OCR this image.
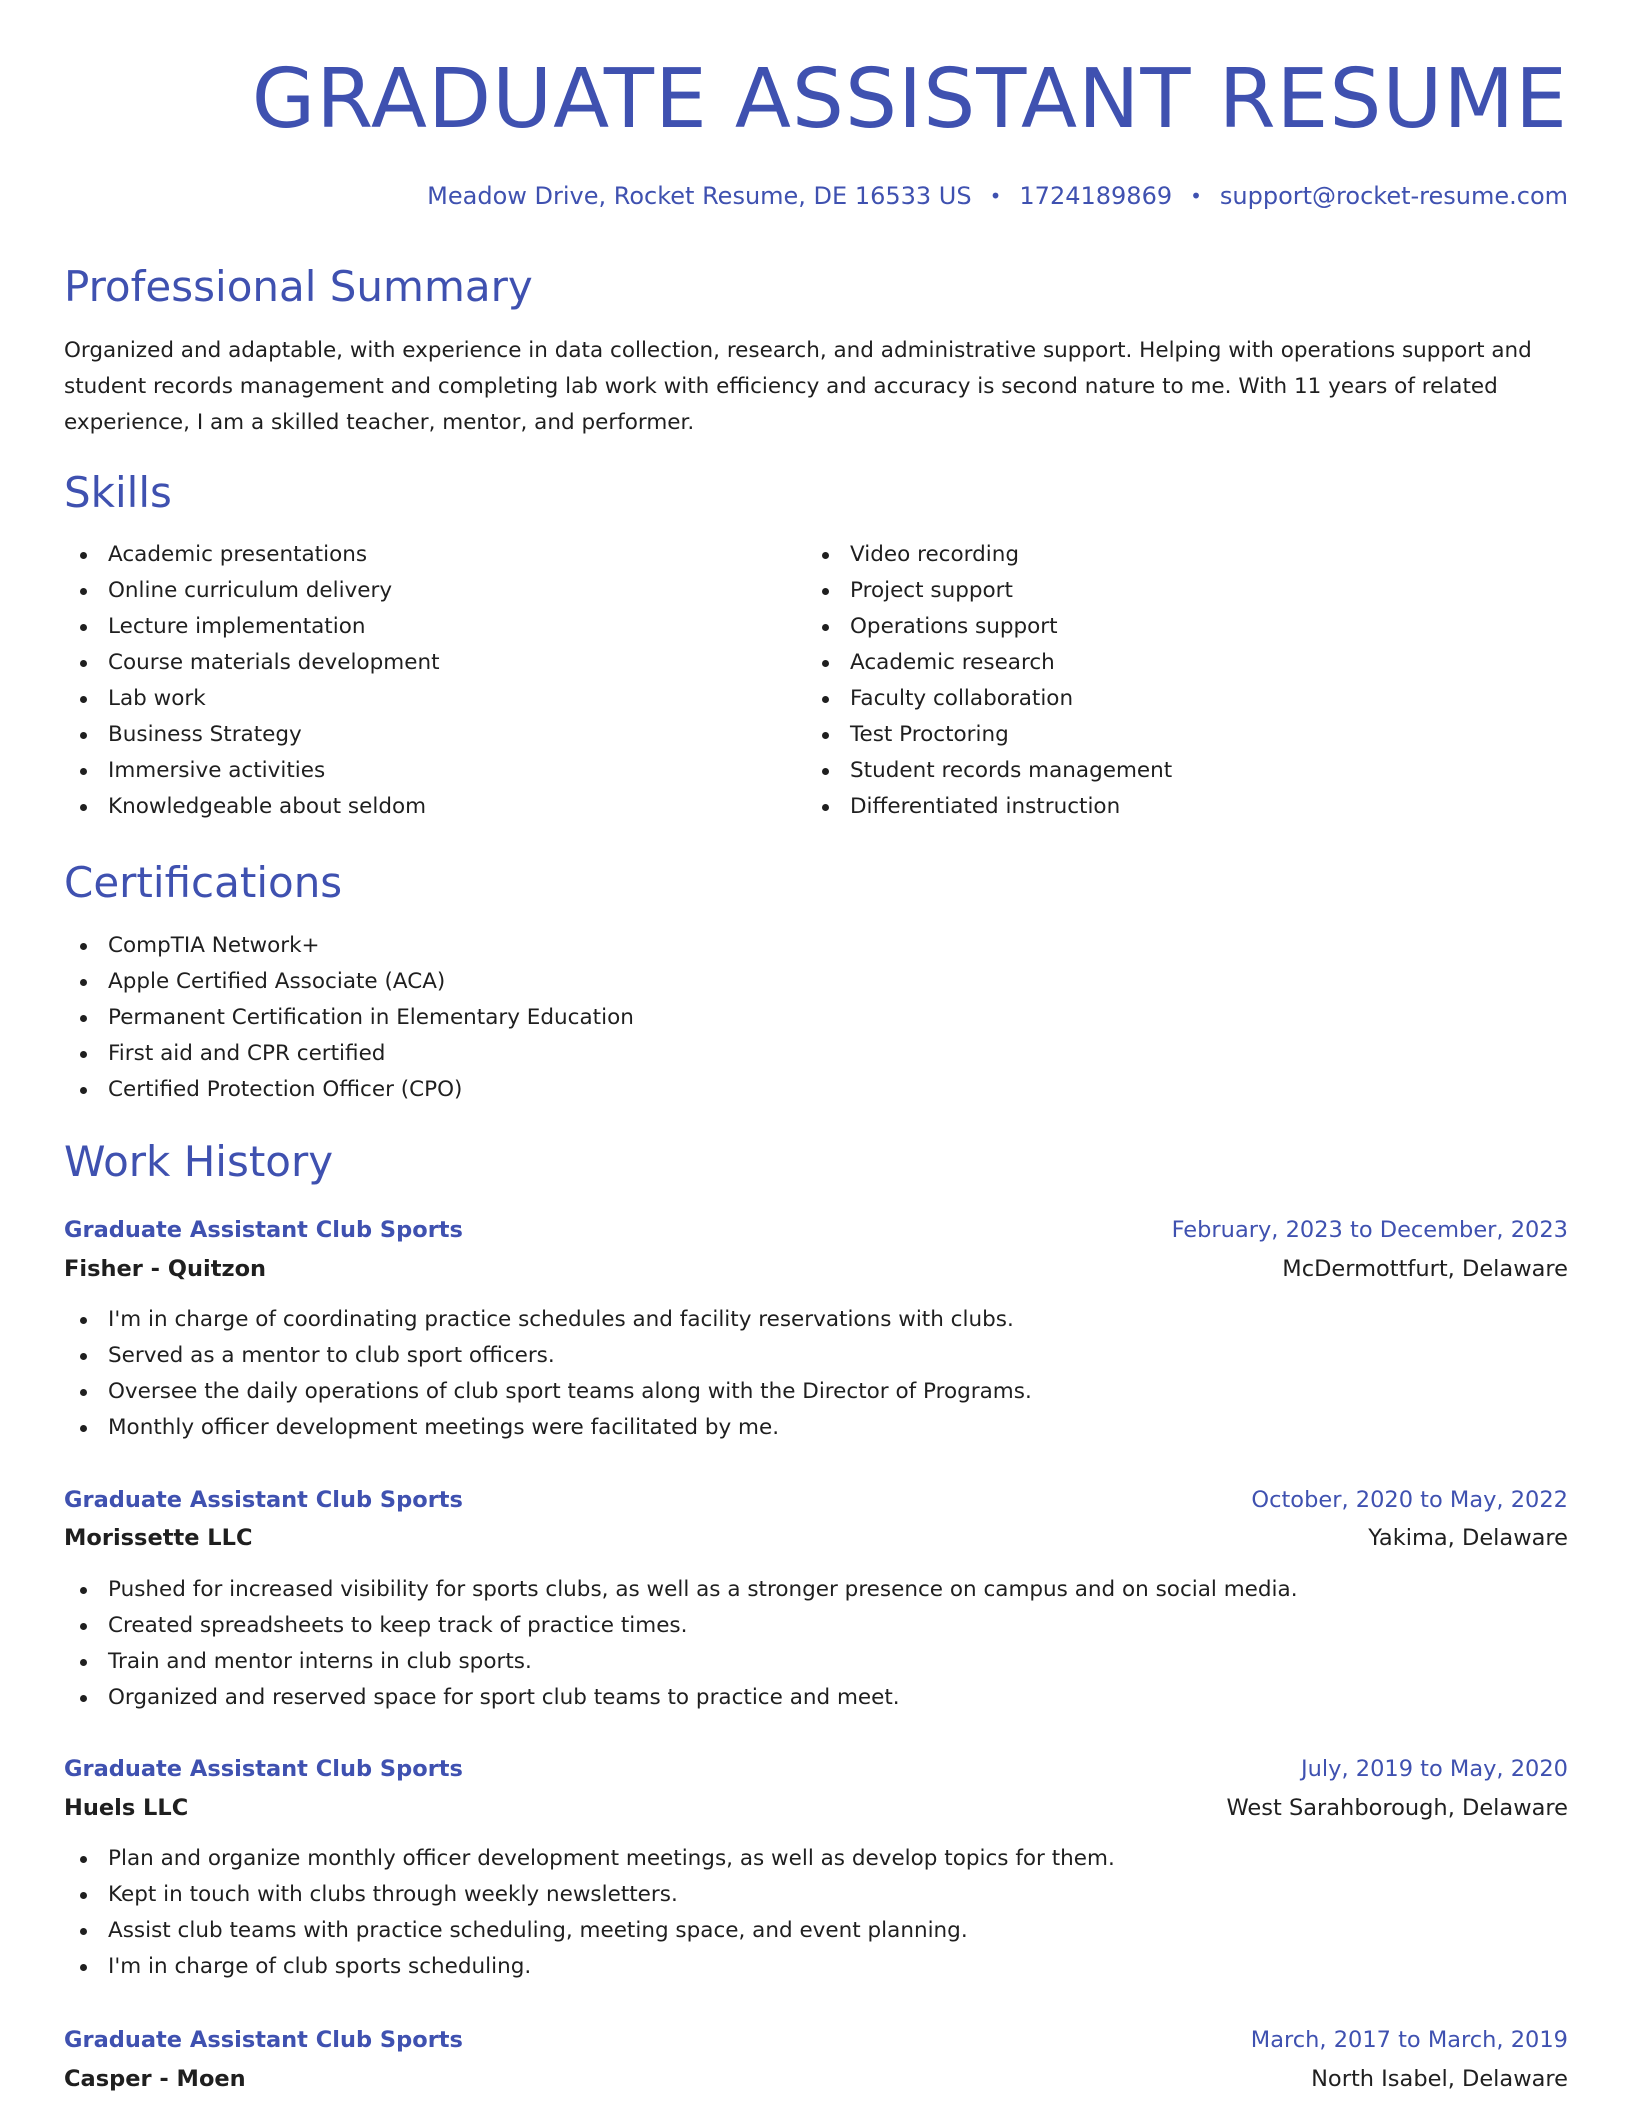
GRADUATE ASSISTANT RESUME
Meadow Drive, Rocket Resume, DE 16533 US • 1724189869 • support@rocket-resume.com
Professional Summary

Organized and adaptable, with experience in data collection, research, and administrative support. Helping with operations support and student records management and completing lab work with efficiency and accuracy is second nature to me. With 11 years of related experience, I am a skilled teacher, mentor, and performer.

Skills
Academic presentations
Online curriculum delivery
Lecture implementation
Course materials development
Lab work
Business Strategy
Immersive activities
Knowledgeable about seldom
Video recording
Project support
Operations support
Academic research
Faculty collaboration
Test Proctoring
Student records management
Differentiated instruction
Certifications
CompTIA Network+
Apple Certified Associate (ACA)
Permanent Certification in Elementary Education
First aid and CPR certified
Certified Protection Officer (CPO)
Work History
Graduate Assistant Club Sports	February, 2023 to December, 2023
Fisher - Quitzon	McDermottfurt, Delaware
I'm in charge of coordinating practice schedules and facility reservations with clubs.
Served as a mentor to club sport officers.
Oversee the daily operations of club sport teams along with the Director of Programs.
Monthly officer development meetings were facilitated by me.
Graduate Assistant Club Sports	October, 2020 to May, 2022
Morissette LLC	Yakima, Delaware
Pushed for increased visibility for sports clubs, as well as a stronger presence on campus and on social media.
Created spreadsheets to keep track of practice times.
Train and mentor interns in club sports.
Organized and reserved space for sport club teams to practice and meet.
Graduate Assistant Club Sports	July, 2019 to May, 2020
Huels LLC	West Sarahborough, Delaware
Plan and organize monthly officer development meetings, as well as develop topics for them.
Kept in touch with clubs through weekly newsletters.
Assist club teams with practice scheduling, meeting space, and event planning.
I'm in charge of club sports scheduling.
Graduate Assistant Club Sports	March, 2017 to March, 2019
Casper - Moen	North Isabel, Delaware
